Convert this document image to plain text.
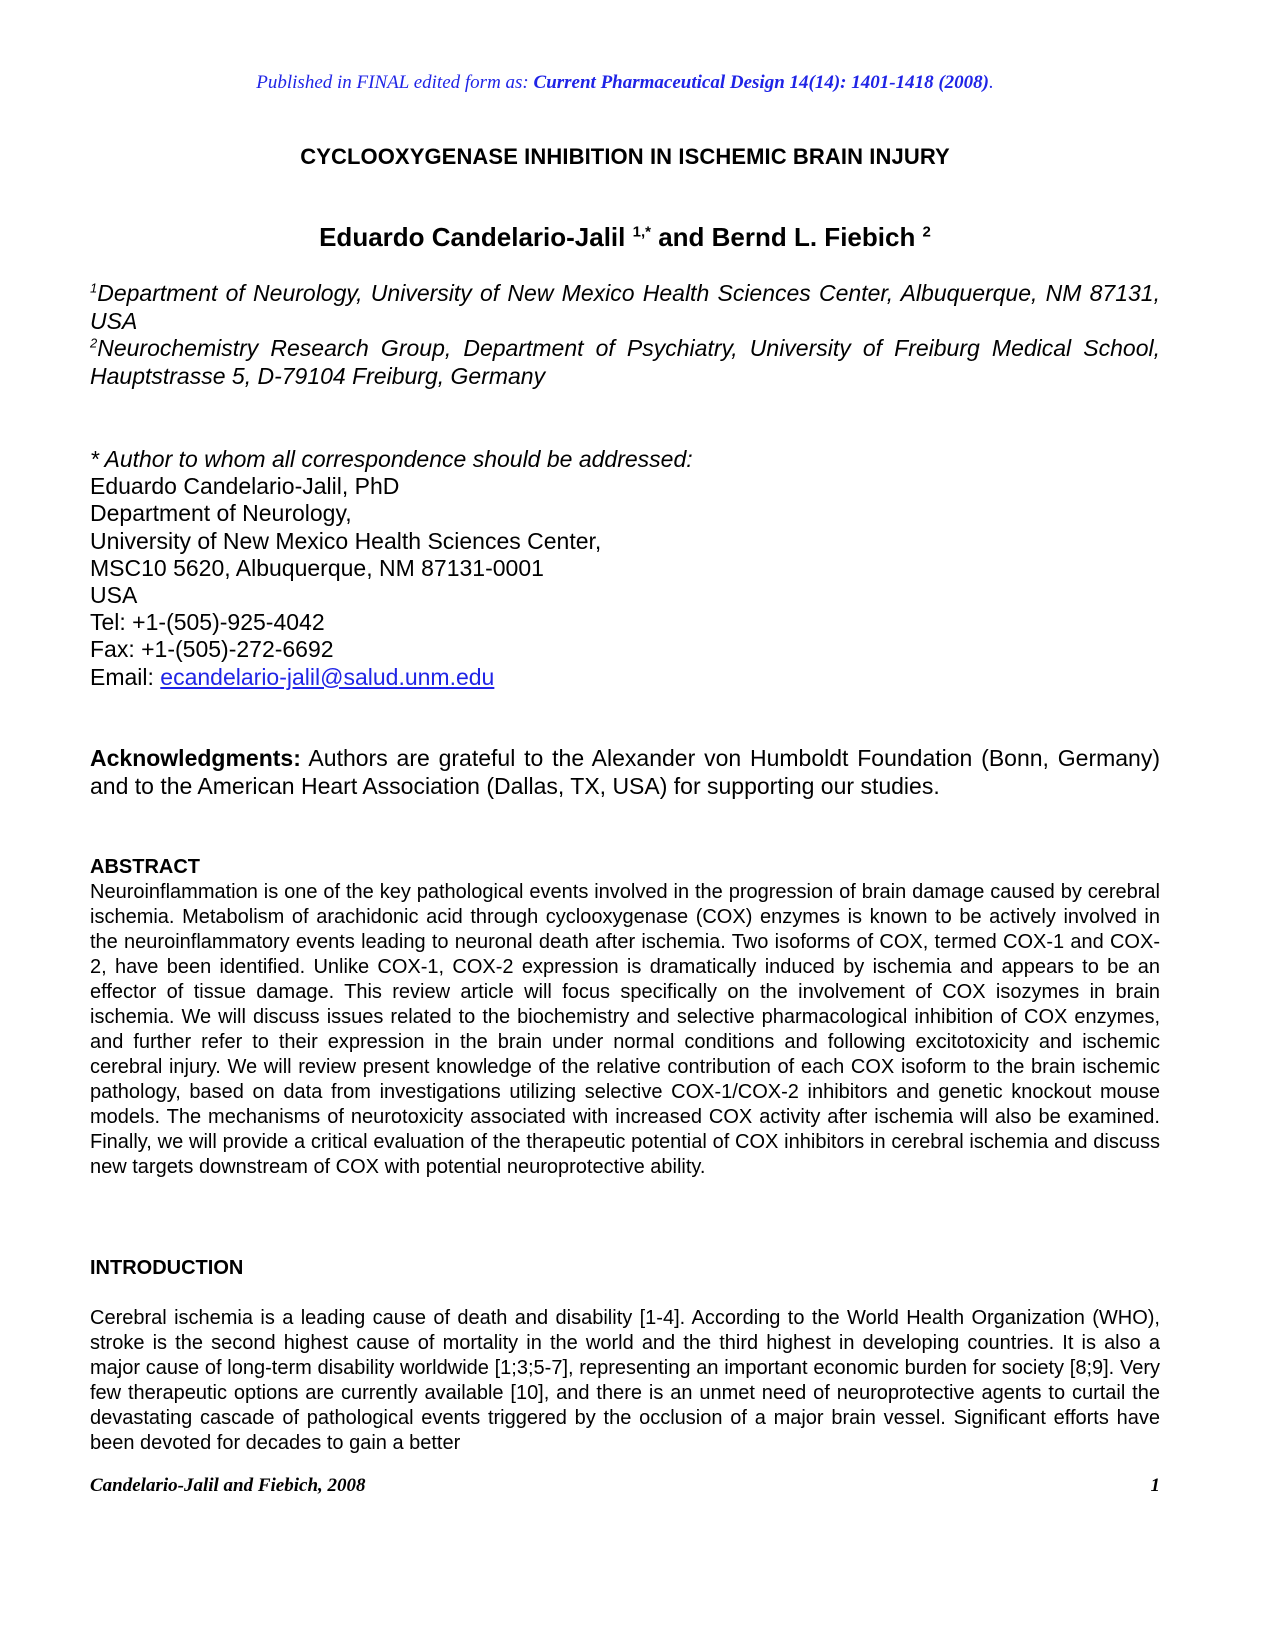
Published in FINAL edited form as: Current Pharmaceutical Design 14(14): 1401-1418 (2008).
CYCLOOXYGENASE INHIBITION IN ISCHEMIC BRAIN INJURY
Eduardo Candelario-Jalil $^{1,*}$ and Bernd L. Fiebich $^2$

$^1$Department of Neurology, University of New Mexico Health Sciences Center, Albuquerque, NM 87131, USA

$^2$Neurochemistry Research Group, Department of Psychiatry, University of Freiburg Medical School, Hauptstrasse 5, D-79104 Freiburg, Germany

* Author to whom all correspondence should be addressed:
Eduardo Candelario-Jalil, PhD
Department of Neurology,
University of New Mexico Health Sciences Center,
MSC10 5620, Albuquerque, NM 87131-0001
USA
Tel: +1-(505)-925-4042
Fax: +1-(505)-272-6692
Email: ecandelario-jalil@salud.unm.edu
Acknowledgments: Authors are grateful to the Alexander von Humboldt Foundation (Bonn, Germany) and to the American Heart Association (Dallas, TX, USA) for supporting our studies.
ABSTRACT
Neuroinflammation is one of the key pathological events involved in the progression of brain damage caused by cerebral ischemia. Metabolism of arachidonic acid through cyclooxygenase (COX) enzymes is known to be actively involved in the neuroinflammatory events leading to neuronal death after ischemia. Two isoforms of COX, termed COX-1 and COX-2, have been identified. Unlike COX-1, COX-2 expression is dramatically induced by ischemia and appears to be an effector of tissue damage. This review article will focus specifically on the involvement of COX isozymes in brain ischemia. We will discuss issues related to the biochemistry and selective pharmacological inhibition of COX enzymes, and further refer to their expression in the brain under normal conditions and following excitotoxicity and ischemic cerebral injury. We will review present knowledge of the relative contribution of each COX isoform to the brain ischemic pathology, based on data from investigations utilizing selective COX-1/COX-2 inhibitors and genetic knockout mouse models. The mechanisms of neurotoxicity associated with increased COX activity after ischemia will also be examined. Finally, we will provide a critical evaluation of the therapeutic potential of COX inhibitors in cerebral ischemia and discuss new targets downstream of COX with potential neuroprotective ability.
INTRODUCTION
Cerebral ischemia is a leading cause of death and disability [1-4]. According to the World Health Organization (WHO), stroke is the second highest cause of mortality in the world and the third highest in developing countries. It is also a major cause of long-term disability worldwide [1;3;5-7], representing an important economic burden for society [8;9]. Very few therapeutic options are currently available [10], and there is an unmet need of neuroprotective agents to curtail the devastating cascade of pathological events triggered by the occlusion of a major brain vessel. Significant efforts have been devoted for decades to gain a better
Candelario-Jalil and Fiebich, 2008	1
